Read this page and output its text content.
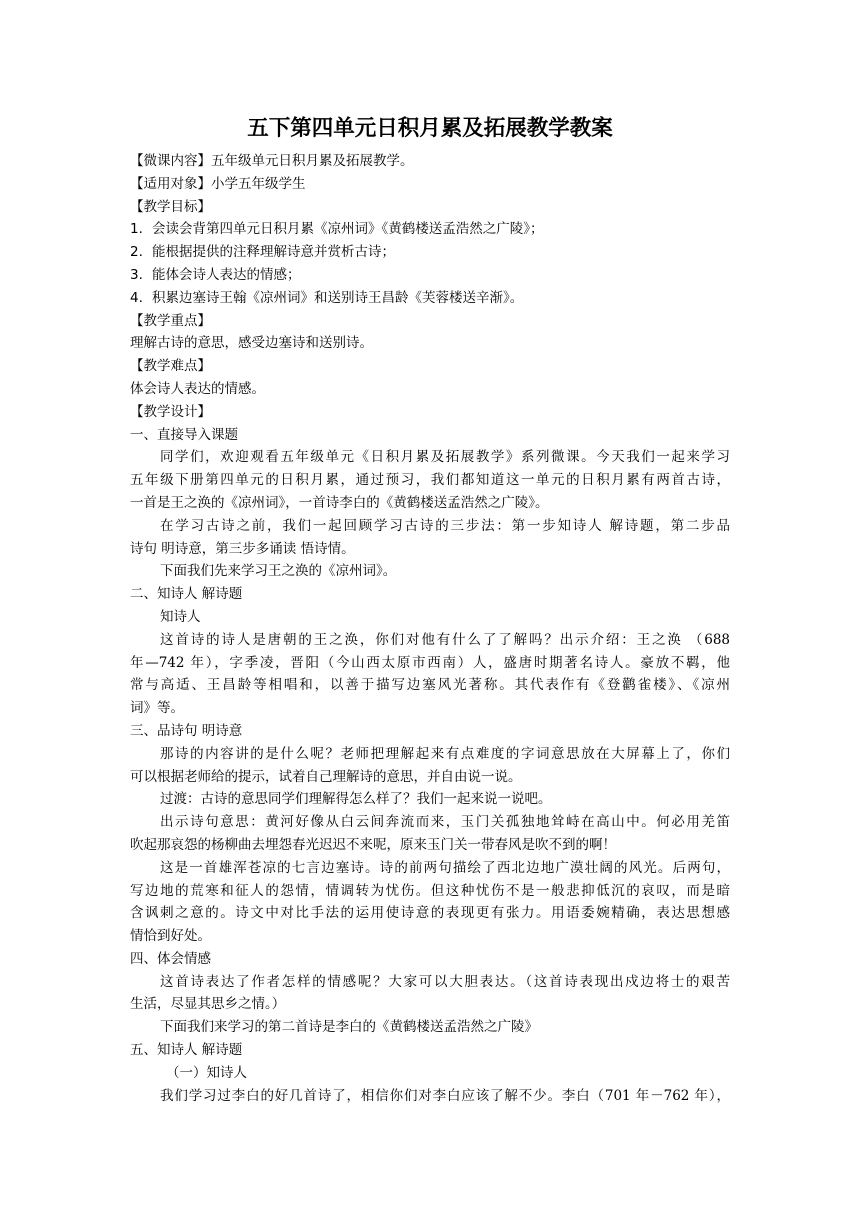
五下第四单元日积月累及拓展教学教案
【微课内容】五年级单元日积月累及拓展教学。
【适用对象】小学五年级学生
【教学目标】
1. 会读会背第四单元日积月累《凉州词》《黄鹤楼送孟浩然之广陵》；
2. 能根据提供的注释理解诗意并赏析古诗；
3. 能体会诗人表达的情感；
4. 积累边塞诗王翰《凉州词》和送别诗王昌龄《芙蓉楼送辛渐》。
【教学重点】
理解古诗的意思，感受边塞诗和送别诗。
【教学难点】
体会诗人表达的情感。
【教学设计】
一、直接导入课题
同学们，欢迎观看五年级单元《日积月累及拓展教学》系列微课。今天我们一起来学习
五年级下册第四单元的日积月累，通过预习，我们都知道这一单元的日积月累有两首古诗，
一首是王之涣的《凉州词》，一首诗李白的《黄鹤楼送孟浩然之广陵》。
在学习古诗之前，我们一起回顾学习古诗的三步法：第一步知诗人 解诗题，第二步品
诗句 明诗意，第三步多诵读 悟诗情。
下面我们先来学习王之涣的《凉州词》。
二、知诗人 解诗题
知诗人
这首诗的诗人是唐朝的王之涣，你们对他有什么了了解吗？出示介绍：王之涣 （688
年—742 年），字季凌，晋阳（今山西太原市西南）人，盛唐时期著名诗人。豪放不羁，他
常与高适、王昌龄等相唱和，以善于描写边塞风光著称。其代表作有《登鹳雀楼》、《凉州
词》等。
三、品诗句 明诗意
那诗的内容讲的是什么呢？老师把理解起来有点难度的字词意思放在大屏幕上了，你们
可以根据老师给的提示，试着自己理解诗的意思，并自由说一说。
过渡：古诗的意思同学们理解得怎么样了？我们一起来说一说吧。
出示诗句意思：黄河好像从白云间奔流而来，玉门关孤独地耸峙在高山中。何必用羌笛
吹起那哀怨的杨柳曲去埋怨春光迟迟不来呢，原来玉门关一带春风是吹不到的啊！
这是一首雄浑苍凉的七言边塞诗。诗的前两句描绘了西北边地广漠壮阔的风光。后两句，
写边地的荒寒和征人的怨情，情调转为忧伤。但这种忧伤不是一般悲抑低沉的哀叹，而是暗
含讽刺之意的。诗文中对比手法的运用使诗意的表现更有张力。用语委婉精确，表达思想感
情恰到好处。
四、体会情感
这首诗表达了作者怎样的情感呢？大家可以大胆表达。（这首诗表现出戍边将士的艰苦
生活，尽显其思乡之情。）
下面我们来学习的第二首诗是李白的《黄鹤楼送孟浩然之广陵》
五、知诗人 解诗题
（一）知诗人
我们学习过李白的好几首诗了，相信你们对李白应该了解不少。李白（701 年－762 年），
